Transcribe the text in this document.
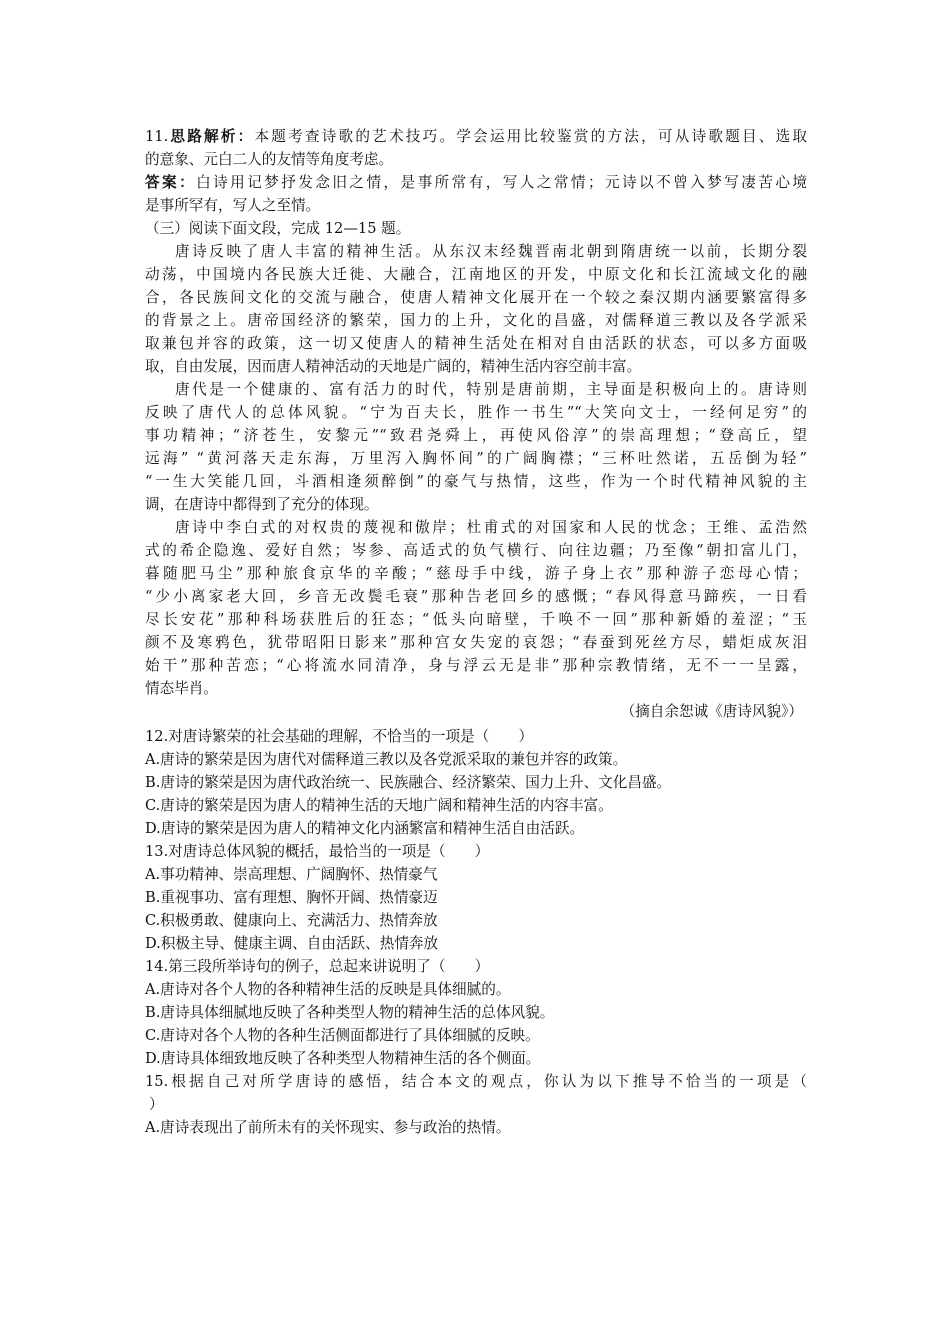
11.思路解析：本题考查诗歌的艺术技巧。学会运用比较鉴赏的方法，可从诗歌题目、选取
的意象、元白二人的友情等角度考虑。
答案：白诗用记梦抒发念旧之情，是事所常有，写人之常情；元诗以不曾入梦写凄苦心境
是事所罕有，写人之至情。
（三）阅读下面文段，完成 12—15 题。
唐诗反映了唐人丰富的精神生活。从东汉末经魏晋南北朝到隋唐统一以前，长期分裂
动荡，中国境内各民族大迁徙、大融合，江南地区的开发，中原文化和长江流域文化的融
合，各民族间文化的交流与融合，使唐人精神文化展开在一个较之秦汉期内涵要繁富得多
的背景之上。唐帝国经济的繁荣，国力的上升，文化的昌盛，对儒释道三教以及各学派采
取兼包并容的政策，这一切又使唐人的精神生活处在相对自由活跃的状态，可以多方面吸
取，自由发展，因而唐人精神活动的天地是广阔的，精神生活内容空前丰富。
唐代是一个健康的、富有活力的时代，特别是唐前期，主导面是积极向上的。唐诗则
反映了唐代人的总体风貌。“宁为百夫长，胜作一书生”“大笑向文士，一经何足穷”的
事功精神；“济苍生，安黎元”“致君尧舜上，再使风俗淳”的崇高理想；“登高丘，望
远海” “黄河落天走东海，万里泻入胸怀间”的广阔胸襟；“三杯吐然诺，五岳倒为轻”
“一生大笑能几回，斗酒相逢须醉倒”的豪气与热情，这些，作为一个时代精神风貌的主
调，在唐诗中都得到了充分的体现。
唐诗中李白式的对权贵的蔑视和傲岸；杜甫式的对国家和人民的忧念；王维、孟浩然
式的希企隐逸、爱好自然；岑参、高适式的负气横行、向往边疆；乃至像“朝扣富儿门，
暮随肥马尘”那种旅食京华的辛酸；“慈母手中线，游子身上衣”那种游子恋母心情；
“少小离家老大回，乡音无改鬓毛衰”那种告老回乡的感慨；“春风得意马蹄疾，一日看
尽长安花”那种科场获胜后的狂态；“低头向暗壁，千唤不一回”那种新婚的羞涩；“玉
颜不及寒鸦色，犹带昭阳日影来”那种宫女失宠的哀怨；“春蚕到死丝方尽，蜡炬成灰泪
始干”那种苦恋；“心将流水同清净，身与浮云无是非”那种宗教情绪，无不一一呈露，
情态毕肖。
（摘自余恕诚《唐诗风貌》）
12.对唐诗繁荣的社会基础的理解，不恰当的一项是（　　）
A.唐诗的繁荣是因为唐代对儒释道三教以及各党派采取的兼包并容的政策。
B.唐诗的繁荣是因为唐代政治统一、民族融合、经济繁荣、国力上升、文化昌盛。
C.唐诗的繁荣是因为唐人的精神生活的天地广阔和精神生活的内容丰富。
D.唐诗的繁荣是因为唐人的精神文化内涵繁富和精神生活自由活跃。
13.对唐诗总体风貌的概括，最恰当的一项是（　　）
A.事功精神、崇高理想、广阔胸怀、热情豪气
B.重视事功、富有理想、胸怀开阔、热情豪迈
C.积极勇敢、健康向上、充满活力、热情奔放
D.积极主导、健康主调、自由活跃、热情奔放
14.第三段所举诗句的例子，总起来讲说明了（　　）
A.唐诗对各个人物的各种精神生活的反映是具体细腻的。
B.唐诗具体细腻地反映了各种类型人物的精神生活的总体风貌。
C.唐诗对各个人物的各种生活侧面都进行了具体细腻的反映。
D.唐诗具体细致地反映了各种类型人物精神生活的各个侧面。
15.根据自己对所学唐诗的感悟，结合本文的观点，你认为以下推导不恰当的一项是（
）
A.唐诗表现出了前所未有的关怀现实、参与政治的热情。
